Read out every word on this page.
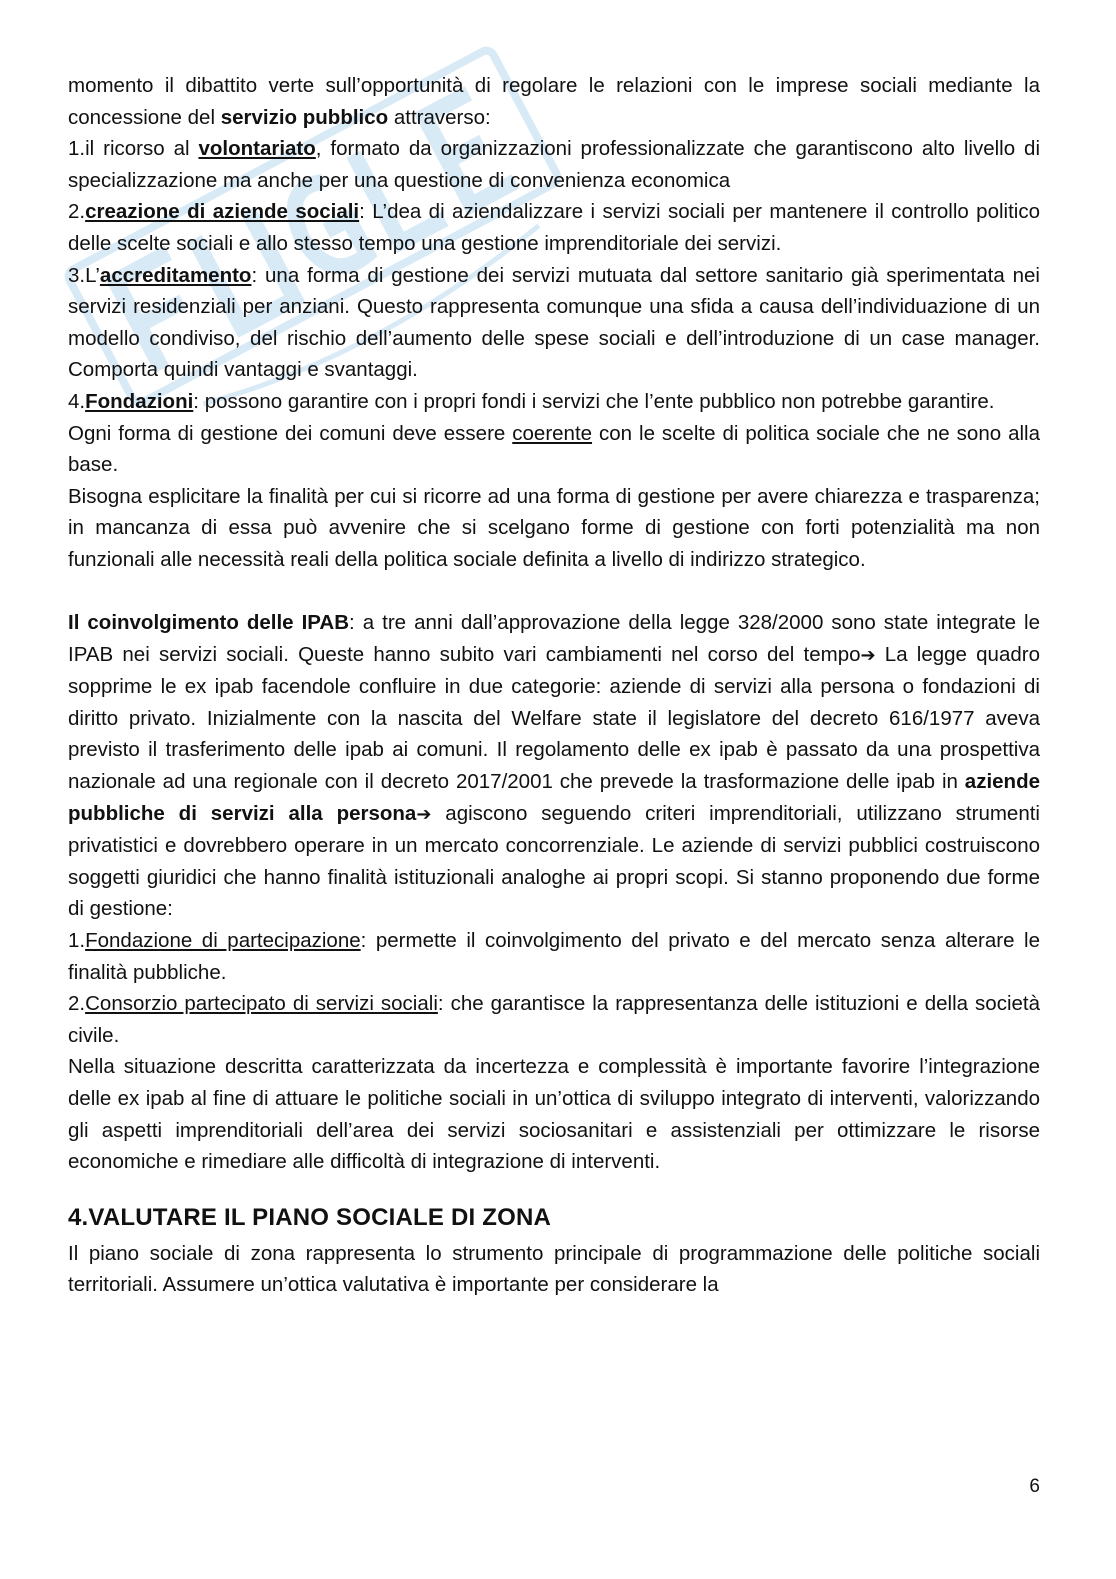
momento il dibattito verte sull’opportunità di regolare le relazioni con le imprese sociali mediante la concessione del servizio pubblico attraverso:

1.il ricorso al volontariato, formato da organizzazioni professionalizzate che garantiscono alto livello di specializzazione ma anche per una questione di convenienza economica

2.creazione di aziende sociali: L’dea di aziendalizzare i servizi sociali per mantenere il controllo politico delle scelte sociali e allo stesso tempo una gestione imprenditoriale dei servizi.

3.L’accreditamento: una forma di gestione dei servizi mutuata dal settore sanitario già sperimentata nei servizi residenziali per anziani. Questo rappresenta comunque una sfida a causa dell’individuazione di un modello condiviso, del rischio dell’aumento delle spese sociali e dell’introduzione di un case manager. Comporta quindi vantaggi e svantaggi.

4.Fondazioni: possono garantire con i propri fondi i servizi che l’ente pubblico non potrebbe garantire.

Ogni forma di gestione dei comuni deve essere coerente con le scelte di politica sociale che ne sono alla base.

Bisogna esplicitare la finalità per cui si ricorre ad una forma di gestione per avere chiarezza e trasparenza; in mancanza di essa può avvenire che si scelgano forme di gestione con forti potenzialità ma non funzionali alle necessità reali della politica sociale definita a livello di indirizzo strategico.

Il coinvolgimento delle IPAB: a tre anni dall’approvazione della legge 328/2000 sono state integrate le IPAB nei servizi sociali. Queste hanno subito vari cambiamenti nel corso del tempo➔ La legge quadro sopprime le ex ipab facendole confluire in due categorie: aziende di servizi alla persona o fondazioni di diritto privato. Inizialmente con la nascita del Welfare state il legislatore del decreto 616/1977 aveva previsto il trasferimento delle ipab ai comuni. Il regolamento delle ex ipab è passato da una prospettiva nazionale ad una regionale con il decreto 2017/2001 che prevede la trasformazione delle ipab in aziende pubbliche di servizi alla persona➔ agiscono seguendo criteri imprenditoriali, utilizzano strumenti privatistici e dovrebbero operare in un mercato concorrenziale. Le aziende di servizi pubblici costruiscono soggetti giuridici che hanno finalità istituzionali analoghe ai propri scopi. Si stanno proponendo due forme di gestione:

1.Fondazione di partecipazione: permette il coinvolgimento del privato e del mercato senza alterare le finalità pubbliche.

2.Consorzio partecipato di servizi sociali: che garantisce la rappresentanza delle istituzioni e della società civile.

Nella situazione descritta caratterizzata da incertezza e complessità è importante favorire l’integrazione delle ex ipab al fine di attuare le politiche sociali in un’ottica di sviluppo integrato di interventi, valorizzando gli aspetti imprenditoriali dell’area dei servizi sociosanitari e assistenziali per ottimizzare le risorse economiche e rimediare alle difficoltà di integrazione di interventi.

4.VALUTARE IL PIANO SOCIALE DI ZONA

Il piano sociale di zona rappresenta lo strumento principale di programmazione delle politiche sociali territoriali. Assumere un’ottica valutativa è importante per considerare la

6
